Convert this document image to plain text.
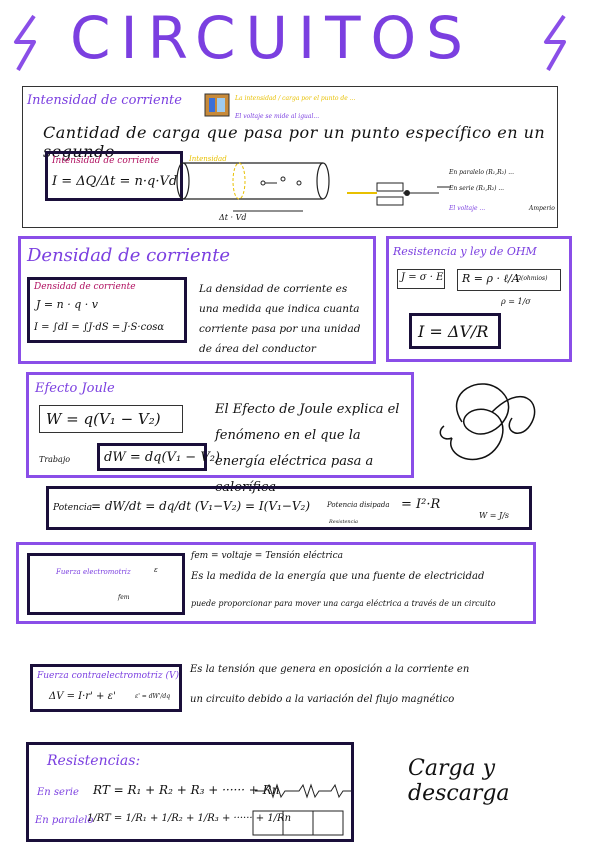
CIRCUITOS
Intensidad de corriente	La intensidad / carga por el punto de ...
El voltaje se mide al igual...
Cantidad de carga que pasa por un punto específico en un segundo
Intensidad de corriente
I = ΔQ/Δt = n·q·Vd
Intensidad
Δt · Vd
En paralelo (R₁,R₂) ...
En serie (R₁,R₂) ...
El voltaje ...	Amperio
Densidad de corriente
Densidad de corriente
J = n · q · v
I = ∫dI = ∫J·dS = J·S·cosα
La densidad de corriente es una medida que indica cuanta corriente pasa por una unidad de área del conductor
Resistencia y ley de OHM
J = σ · E R = ρ · ℓ/A
Ω(ohmios)
ρ = 1/σ
I = ΔV/R
Efecto Joule
W = q(V₁ − V₂)
Trabajo	dW = dq(V₁ − V₂)
El Efecto de Joule explica el fenómeno en el que la energía eléctrica pasa a calorífica
Potencia
= dW/dt = dq/dt (V₁−V₂) = I(V₁−V₂) Potencia disipada
Resistencia
= I²·R
W = J/s
Fuerza electromotriz	ε
fem
fem = voltaje = Tensión eléctrica
Es la medida de la energía que una fuente de electricidad
puede proporcionar para mover una carga eléctrica a través de un circuito
Fuerza contraelectromotriz (V)
ΔV = I·r' + ε'	ε' = dW'/dq
Es la tensión que genera en oposición a la corriente en
un circuito debido a la variación del flujo magnético
Resistencias:
En serie RT = R₁ + R₂ + R₃ + ······ + Rn
En paralelo
1/RT = 1/R₁ + 1/R₂ + 1/R₃ + ······ + 1/Rn
Carga y descarga
